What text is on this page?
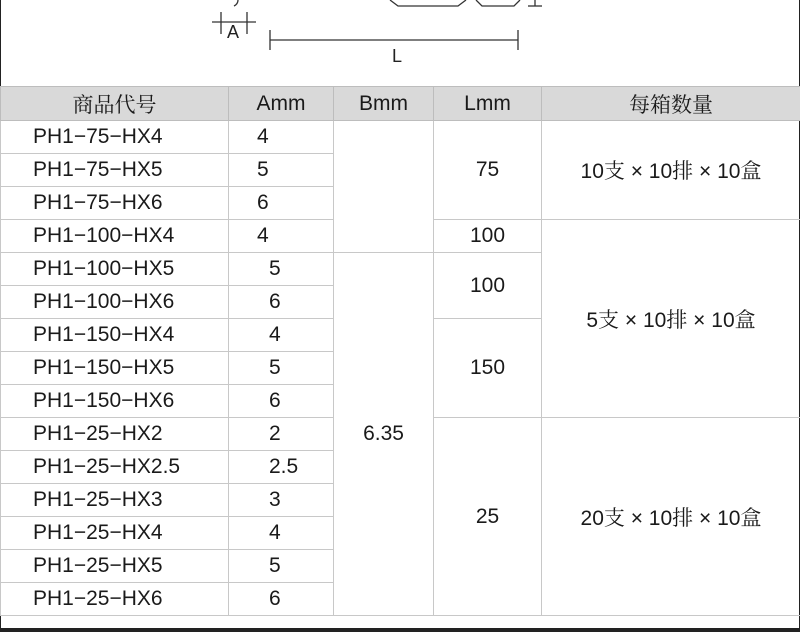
A
L
商品代号	Amm	Bmm	Lmm	每箱数量
PH1−75−HX4	4		75	10支 × 10排 × 10盒
PH1−75−HX5	5			
PH1−75−HX6	6			
PH1−100−HX4	4		100	5支 × 10排 × 10盒
PH1−100−HX5	5	6.35	100	
PH1−100−HX6	6			
PH1−150−HX4	4		150	
PH1−150−HX5	5			
PH1−150−HX6	6			
PH1−25−HX2	2		25	20支 × 10排 × 10盒
PH1−25−HX2.5	2.5			
PH1−25−HX3	3			
PH1−25−HX4	4			
PH1−25−HX5	5			
PH1−25−HX6	6			
